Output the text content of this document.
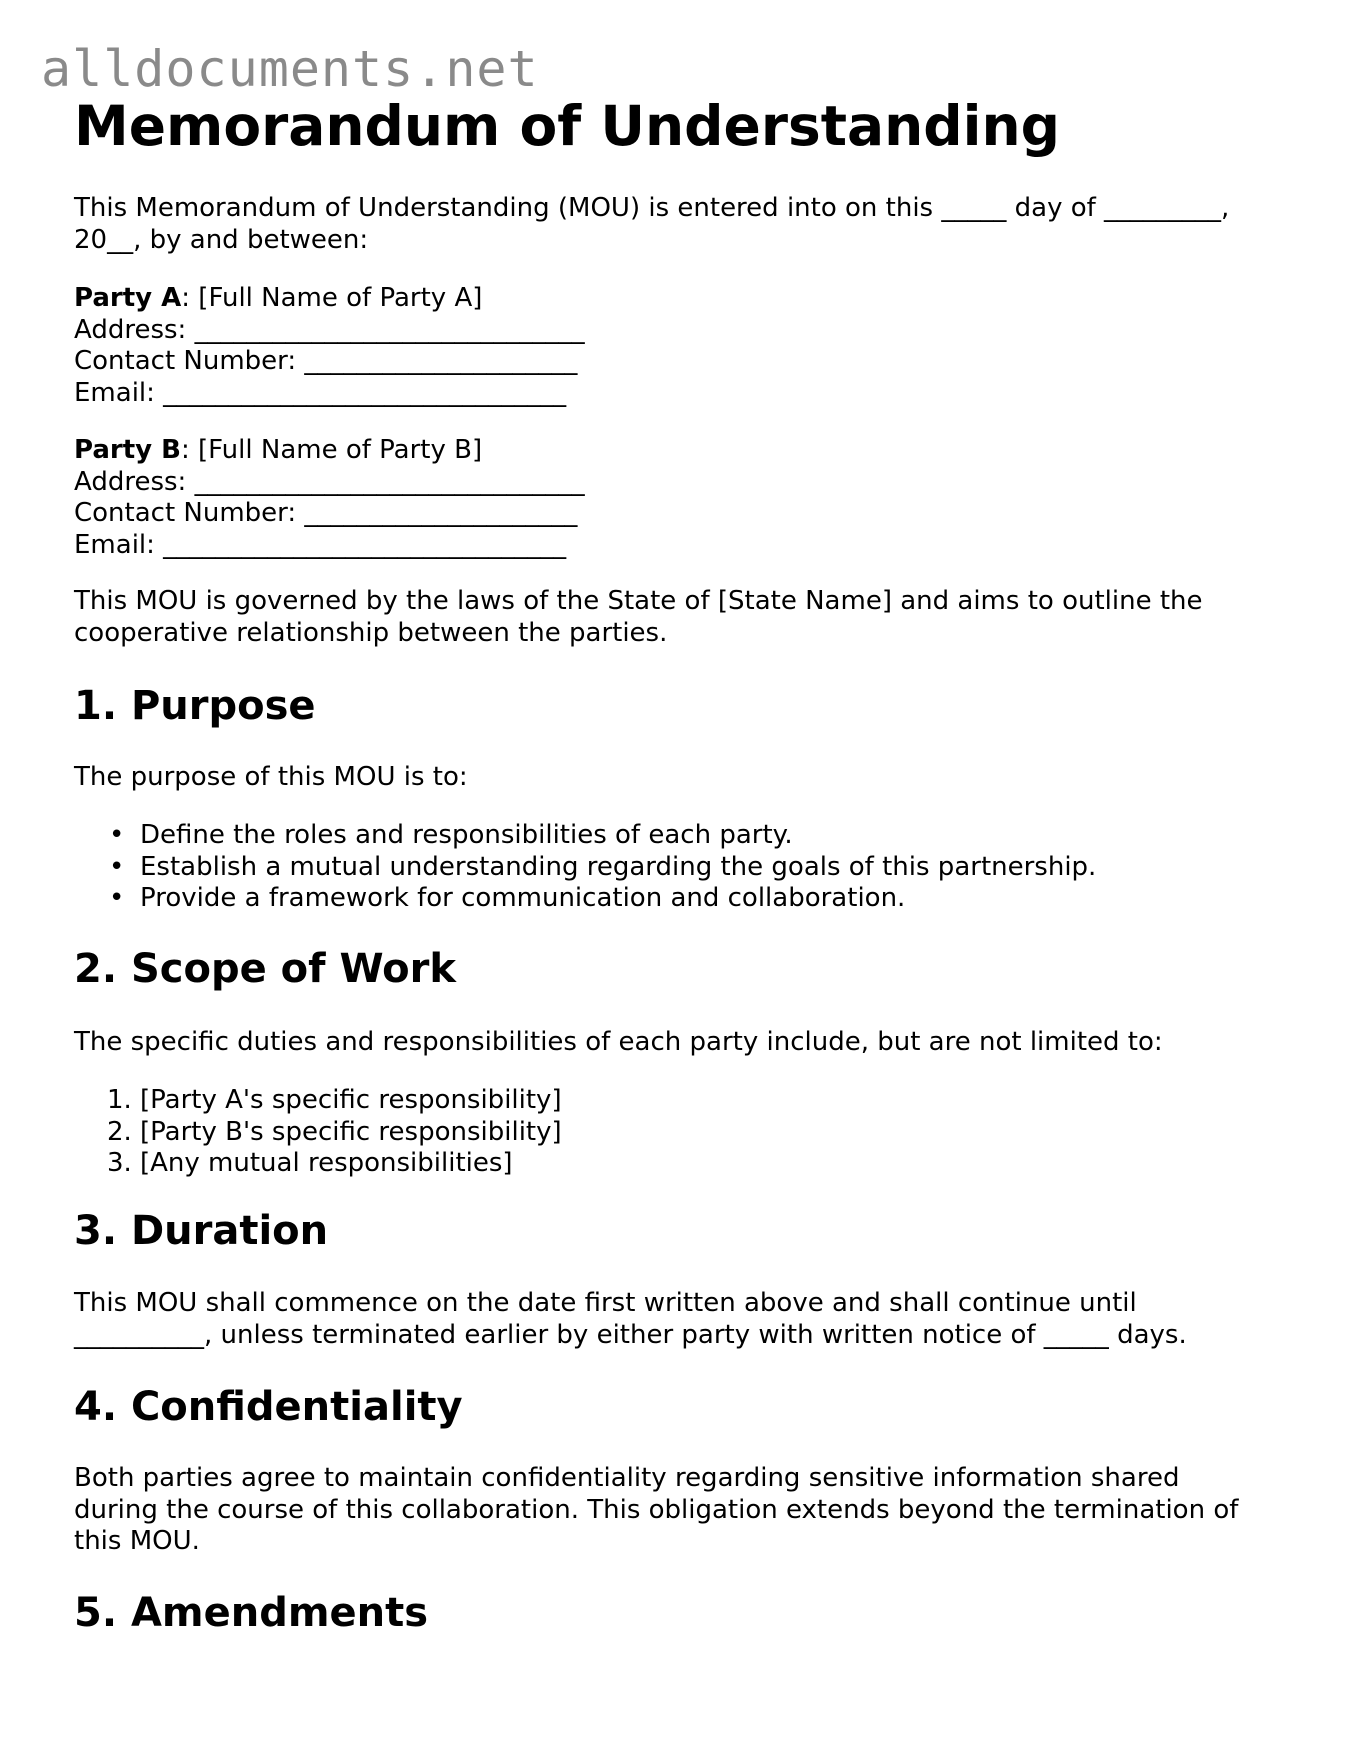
alldocuments.net
Memorandum of Understanding

This Memorandum of Understanding (MOU) is entered into on this _____ day of _________,
20__, by and between:

Party A: [Full Name of Party A]
Address: ______________________________
Contact Number: _____________________
Email: _______________________________

Party B: [Full Name of Party B]
Address: ______________________________
Contact Number: _____________________
Email: _______________________________

This MOU is governed by the laws of the State of [State Name] and aims to outline the
cooperative relationship between the parties.

1. Purpose

The purpose of this MOU is to:

• Define the roles and responsibilities of each party.
• Establish a mutual understanding regarding the goals of this partnership.
• Provide a framework for communication and collaboration.
2. Scope of Work

The specific duties and responsibilities of each party include, but are not limited to:

1. [Party A's specific responsibility]
2. [Party B's specific responsibility]
3. [Any mutual responsibilities]
3. Duration

This MOU shall commence on the date first written above and shall continue until
__________, unless terminated earlier by either party with written notice of _____ days.

4. Confidentiality

Both parties agree to maintain confidentiality regarding sensitive information shared
during the course of this collaboration. This obligation extends beyond the termination of
this MOU.

5. Amendments
